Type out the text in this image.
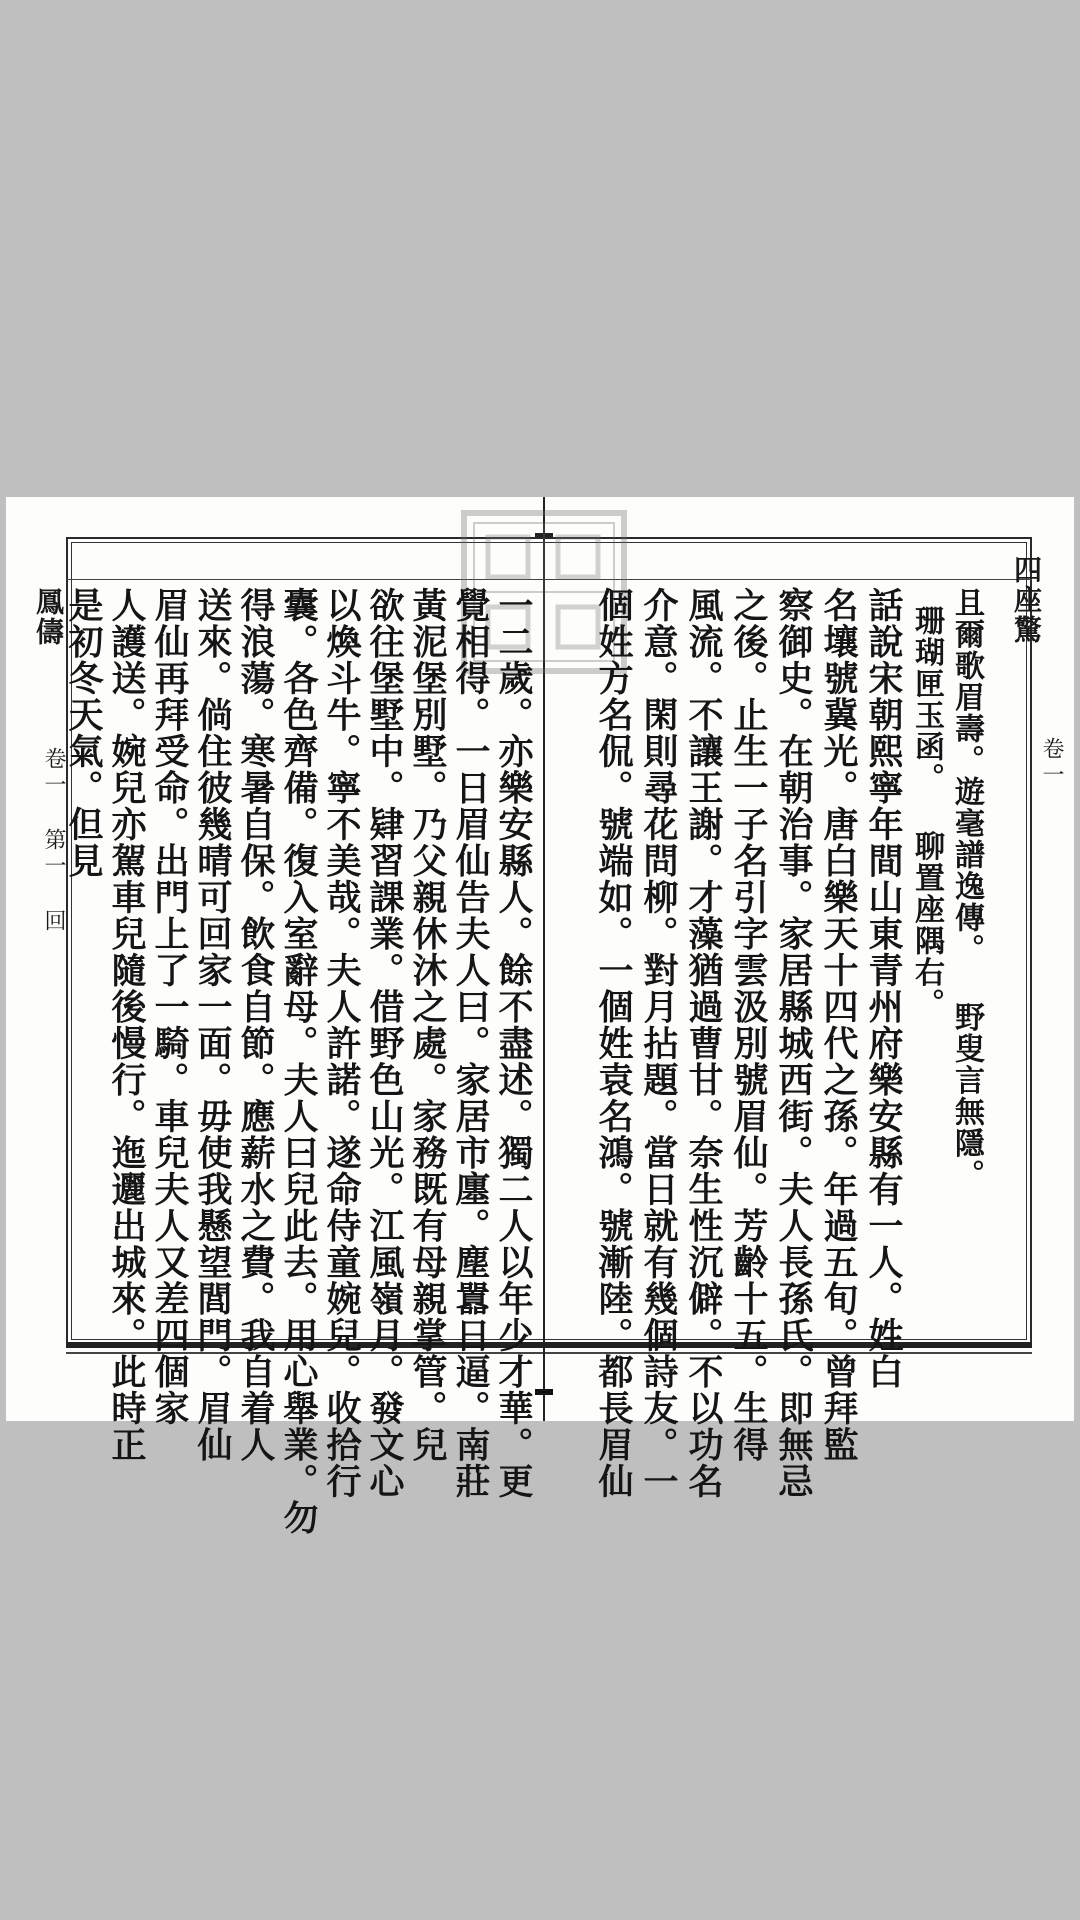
四座驚
卷一
鳳儔
卷一 第一 回	且爾歌眉壽。遊毫譜逸傳。 野叟言無隱。
珊瑚匣玉函。 聊置座隅右。
話說宋朝熙寧年間山東青州府樂安縣有一人。姓白
名壤號冀光。唐白樂天十四代之孫。年過五旬。曾拜監
察御史。在朝治事。家居縣城西街。夫人長孫氏。即無忌
之後。止生一子名引字雲汲別號眉仙。芳齡十五。生得
風流。不讓王謝。才藻猶過曹甘。奈生性沉僻。不以功名
介意。閑則尋花問柳。對月拈題。當日就有幾個詩友。一
個姓方名侃。號端如。一個姓袁名鴻。號漸陸。都長眉仙
一二歲。亦樂安縣人。餘不盡述。獨二人以年少才華。更
覺相得。一日眉仙告夫人曰。家居市廛。塵囂日逼。南莊
黃泥堡別墅。乃父親休沐之處。家務既有母親掌管。兒
欲往堡墅中。肄習課業。借野色山光。江風嶺月。發文心
以煥斗牛。寧不美哉。夫人許諾。遂命侍童婉兒。收拾行
囊。各色齊備。復入室辭母。夫人曰兒此去。用心舉業。勿
得浪蕩。寒暑自保。飲食自節。應薪水之費。我自着人
送來。倘住彼幾晴可回家一面。毋使我懸望閭門。眉仙
眉仙再拜受命。出門上了一騎。車兒夫人又差四個家
人護送。婉兒亦駕車兒隨後慢行。迤邐出城來。此時正
是初冬天氣。但見
